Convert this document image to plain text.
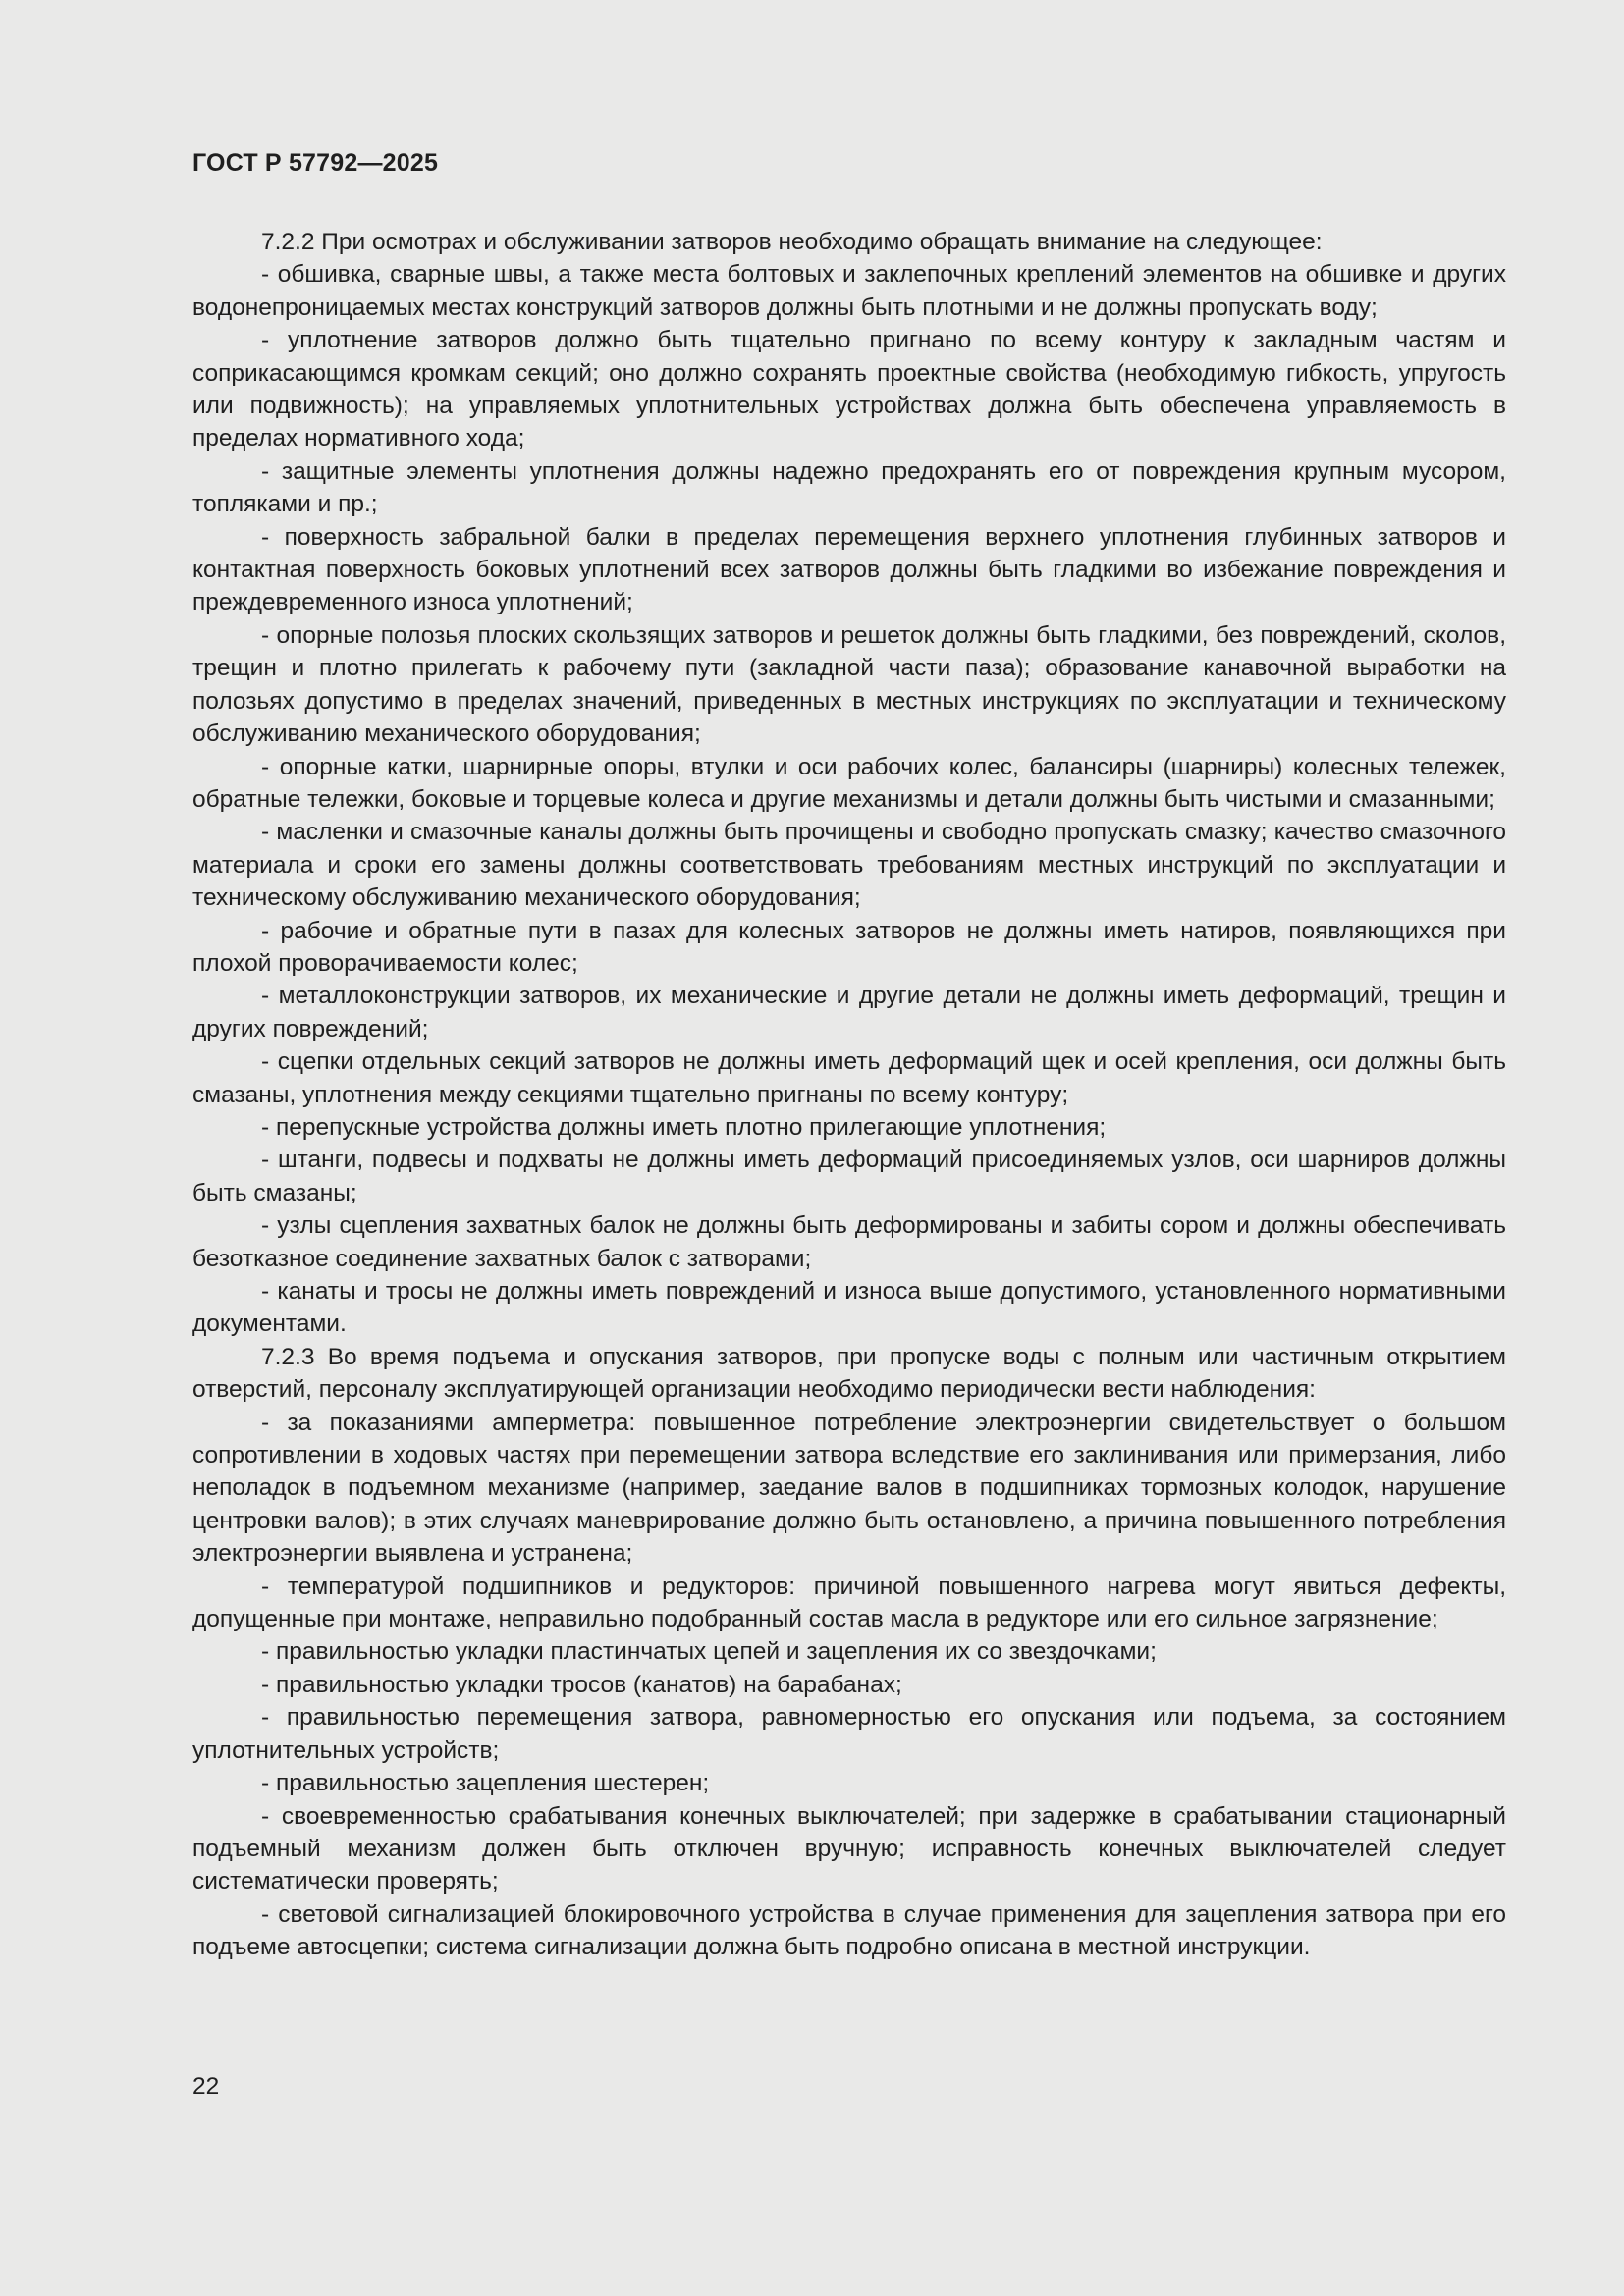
ГОСТ Р 57792—2025

7.2.2 При осмотрах и обслуживании затворов необходимо обращать внимание на следующее:

- обшивка, сварные швы, а также места болтовых и заклепочных креплений элементов на обшивке и других водонепроницаемых местах конструкций затворов должны быть плотными и не должны пропускать воду;

- уплотнение затворов должно быть тщательно пригнано по всему контуру к закладным частям и соприкасающимся кромкам секций; оно должно сохранять проектные свойства (необходимую гибкость, упругость или подвижность); на управляемых уплотнительных устройствах должна быть обеспечена управляемость в пределах нормативного хода;

- защитные элементы уплотнения должны надежно предохранять его от повреждения крупным мусором, топляками и пр.;

- поверхность забральной балки в пределах перемещения верхнего уплотнения глубинных затворов и контактная поверхность боковых уплотнений всех затворов должны быть гладкими во избежание повреждения и преждевременного износа уплотнений;

- опорные полозья плоских скользящих затворов и решеток должны быть гладкими, без повреждений, сколов, трещин и плотно прилегать к рабочему пути (закладной части паза); образование канавочной выработки на полозьях допустимо в пределах значений, приведенных в местных инструкциях по эксплуатации и техническому обслуживанию механического оборудования;

- опорные катки, шарнирные опоры, втулки и оси рабочих колес, балансиры (шарниры) колесных тележек, обратные тележки, боковые и торцевые колеса и другие механизмы и детали должны быть чистыми и смазанными;

- масленки и смазочные каналы должны быть прочищены и свободно пропускать смазку; качество смазочного материала и сроки его замены должны соответствовать требованиям местных инструкций по эксплуатации и техническому обслуживанию механического оборудования;

- рабочие и обратные пути в пазах для колесных затворов не должны иметь натиров, появляющихся при плохой проворачиваемости колес;

- металлоконструкции затворов, их механические и другие детали не должны иметь деформаций, трещин и других повреждений;

- сцепки отдельных секций затворов не должны иметь деформаций щек и осей крепления, оси должны быть смазаны, уплотнения между секциями тщательно пригнаны по всему контуру;

- перепускные устройства должны иметь плотно прилегающие уплотнения;

- штанги, подвесы и подхваты не должны иметь деформаций присоединяемых узлов, оси шарниров должны быть смазаны;

- узлы сцепления захватных балок не должны быть деформированы и забиты сором и должны обеспечивать безотказное соединение захватных балок с затворами;

- канаты и тросы не должны иметь повреждений и износа выше допустимого, установленного нормативными документами.

7.2.3 Во время подъема и опускания затворов, при пропуске воды с полным или частичным открытием отверстий, персоналу эксплуатирующей организации необходимо периодически вести наблюдения:

- за показаниями амперметра: повышенное потребление электроэнергии свидетельствует о большом сопротивлении в ходовых частях при перемещении затвора вследствие его заклинивания или примерзания, либо неполадок в подъемном механизме (например, заедание валов в подшипниках тормозных колодок, нарушение центровки валов); в этих случаях маневрирование должно быть остановлено, а причина повышенного потребления электроэнергии выявлена и устранена;

- температурой подшипников и редукторов: причиной повышенного нагрева могут явиться дефекты, допущенные при монтаже, неправильно подобранный состав масла в редукторе или его сильное загрязнение;

- правильностью укладки пластинчатых цепей и зацепления их со звездочками;

- правильностью укладки тросов (канатов) на барабанах;

- правильностью перемещения затвора, равномерностью его опускания или подъема, за состоянием уплотнительных устройств;

- правильностью зацепления шестерен;

- своевременностью срабатывания конечных выключателей; при задержке в срабатывании стационарный подъемный механизм должен быть отключен вручную; исправность конечных выключателей следует систематически проверять;

- световой сигнализацией блокировочного устройства в случае применения для зацепления затвора при его подъеме автосцепки; система сигнализации должна быть подробно описана в местной инструкции.

22
